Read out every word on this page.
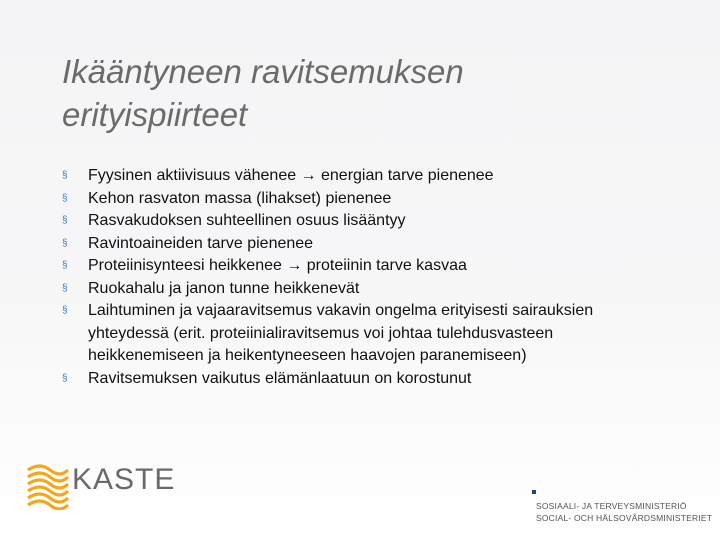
Ikääntyneen ravitsemuksen
erityispiirteet
§ Fyysinen aktiivisuus vähenee → energian tarve pienenee
§ Kehon rasvaton massa (lihakset) pienenee
§ Rasvakudoksen suhteellinen osuus lisääntyy
§ Ravintoaineiden tarve pienenee
§ Proteiinisynteesi heikkenee → proteiinin tarve kasvaa
§ Ruokahalu ja janon tunne heikkenevät
§ Laihtuminen ja vajaaravitsemus vakavin ongelma erityisesti sairauksien yhteydessä (erit. proteiinialiravitsemus voi johtaa tulehdusvasteen heikkenemiseen ja heikentyneeseen haavojen paranemiseen)
§ Ravitsemuksen vaikutus elämänlaatuun on korostunut
KASTE
SOSIAALI- JA TERVEYSMINISTERIÖ
SOCIAL- OCH HÄLSOVÅRDSMINISTERIET
